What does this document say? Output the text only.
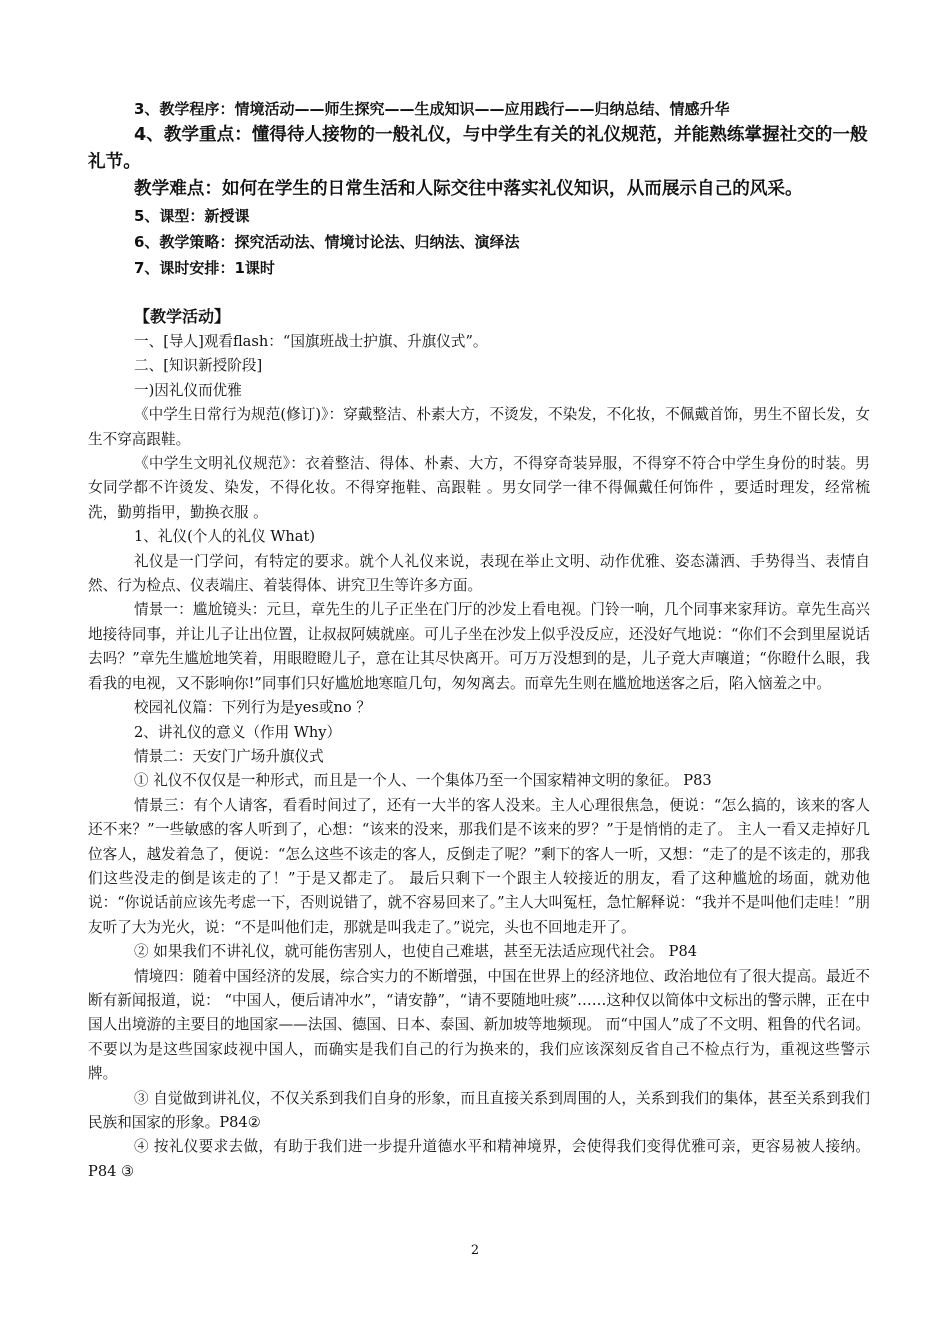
3、教学程序：情境活动——师生探究——生成知识——应用践行——归纳总结、情感升华

4、教学重点：懂得待人接物的一般礼仪，与中学生有关的礼仪规范，并能熟练掌握社交的一般礼节。

教学难点：如何在学生的日常生活和人际交往中落实礼仪知识，从而展示自己的风采。

5、课型：新授课

6、教学策略：探究活动法、情境讨论法、归纳法、演绎法

7、课时安排：1课时

【教学活动】

一、[导人]观看flash：“国旗班战士护旗、升旗仪式”。

二、[知识新授阶段]

一)因礼仪而优雅

《中学生日常行为规范(修订)》：穿戴整洁、朴素大方，不烫发，不染发，不化妆，不佩戴首饰，男生不留长发，女生不穿高跟鞋。

《中学生文明礼仪规范》：衣着整洁、得体、朴素、大方，不得穿奇装异服，不得穿不符合中学生身份的时装。男女同学都不许烫发、染发，不得化妆。不得穿拖鞋、高跟鞋 。男女同学一律不得佩戴任何饰件 ，要适时理发，经常梳洗，勤剪指甲，勤换衣服 。

1、礼仪(个人的礼仪 What)

礼仪是一门学问，有特定的要求。就个人礼仪来说，表现在举止文明、动作优雅、姿态潇洒、手势得当、表情自然、行为检点、仪表端庄、着装得体、讲究卫生等许多方面。

情景一：尴尬镜头：元旦，章先生的儿子正坐在门厅的沙发上看电视。门铃一响，几个同事来家拜访。章先生高兴地接待同事，并让儿子让出位置，让叔叔阿姨就座。可儿子坐在沙发上似乎没反应，还没好气地说：“你们不会到里屋说话去吗？”章先生尴尬地笑着，用眼瞪瞪儿子，意在让其尽快离开。可万万没想到的是，儿子竟大声嚷道；“你瞪什么眼，我看我的电视，又不影响你!”同事们只好尴尬地寒暄几句，匆匆离去。而章先生则在尴尬地送客之后，陷入恼羞之中。

校园礼仪篇：下列行为是yes或no ？

2、讲礼仪的意义（作用 Why）

情景二：天安门广场升旗仪式

① 礼仪不仅仅是一种形式，而且是一个人、一个集体乃至一个国家精神文明的象征。 P83

情景三：有个人请客，看看时间过了，还有一大半的客人没来。主人心理很焦急，便说：“怎么搞的，该来的客人还不来？”一些敏感的客人听到了，心想：“该来的没来，那我们是不该来的罗？”于是悄悄的走了。 主人一看又走掉好几位客人，越发着急了，便说：“怎么这些不该走的客人，反倒走了呢？”剩下的客人一听，又想：“走了的是不该走的，那我们这些没走的倒是该走的了！”于是又都走了。 最后只剩下一个跟主人较接近的朋友，看了这种尴尬的场面，就劝他说：“你说话前应该先考虑一下，否则说错了，就不容易回来了。”主人大叫冤枉，急忙解释说：“我并不是叫他们走哇！”朋友听了大为光火，说：“不是叫他们走，那就是叫我走了。”说完，头也不回地走开了。

② 如果我们不讲礼仪，就可能伤害别人，也使自己难堪，甚至无法适应现代社会。 P84

情境四：随着中国经济的发展，综合实力的不断增强，中国在世界上的经济地位、政治地位有了很大提高。最近不断有新闻报道，说： “中国人，便后请冲水”，“请安静”，“请不要随地吐痰”……这种仅以简体中文标出的警示牌，正在中国人出境游的主要目的地国家——法国、德国、日本、泰国、新加坡等地频现。 而“中国人”成了不文明、粗鲁的代名词。不要以为是这些国家歧视中国人，而确实是我们自己的行为换来的，我们应该深刻反省自己不检点行为，重视这些警示牌。

③ 自觉做到讲礼仪，不仅关系到我们自身的形象，而且直接关系到周围的人，关系到我们的集体，甚至关系到我们民族和国家的形象。P84②

④ 按礼仪要求去做，有助于我们进一步提升道德水平和精神境界，会使得我们变得优雅可亲，更容易被人接纳。 P84 ③

2
